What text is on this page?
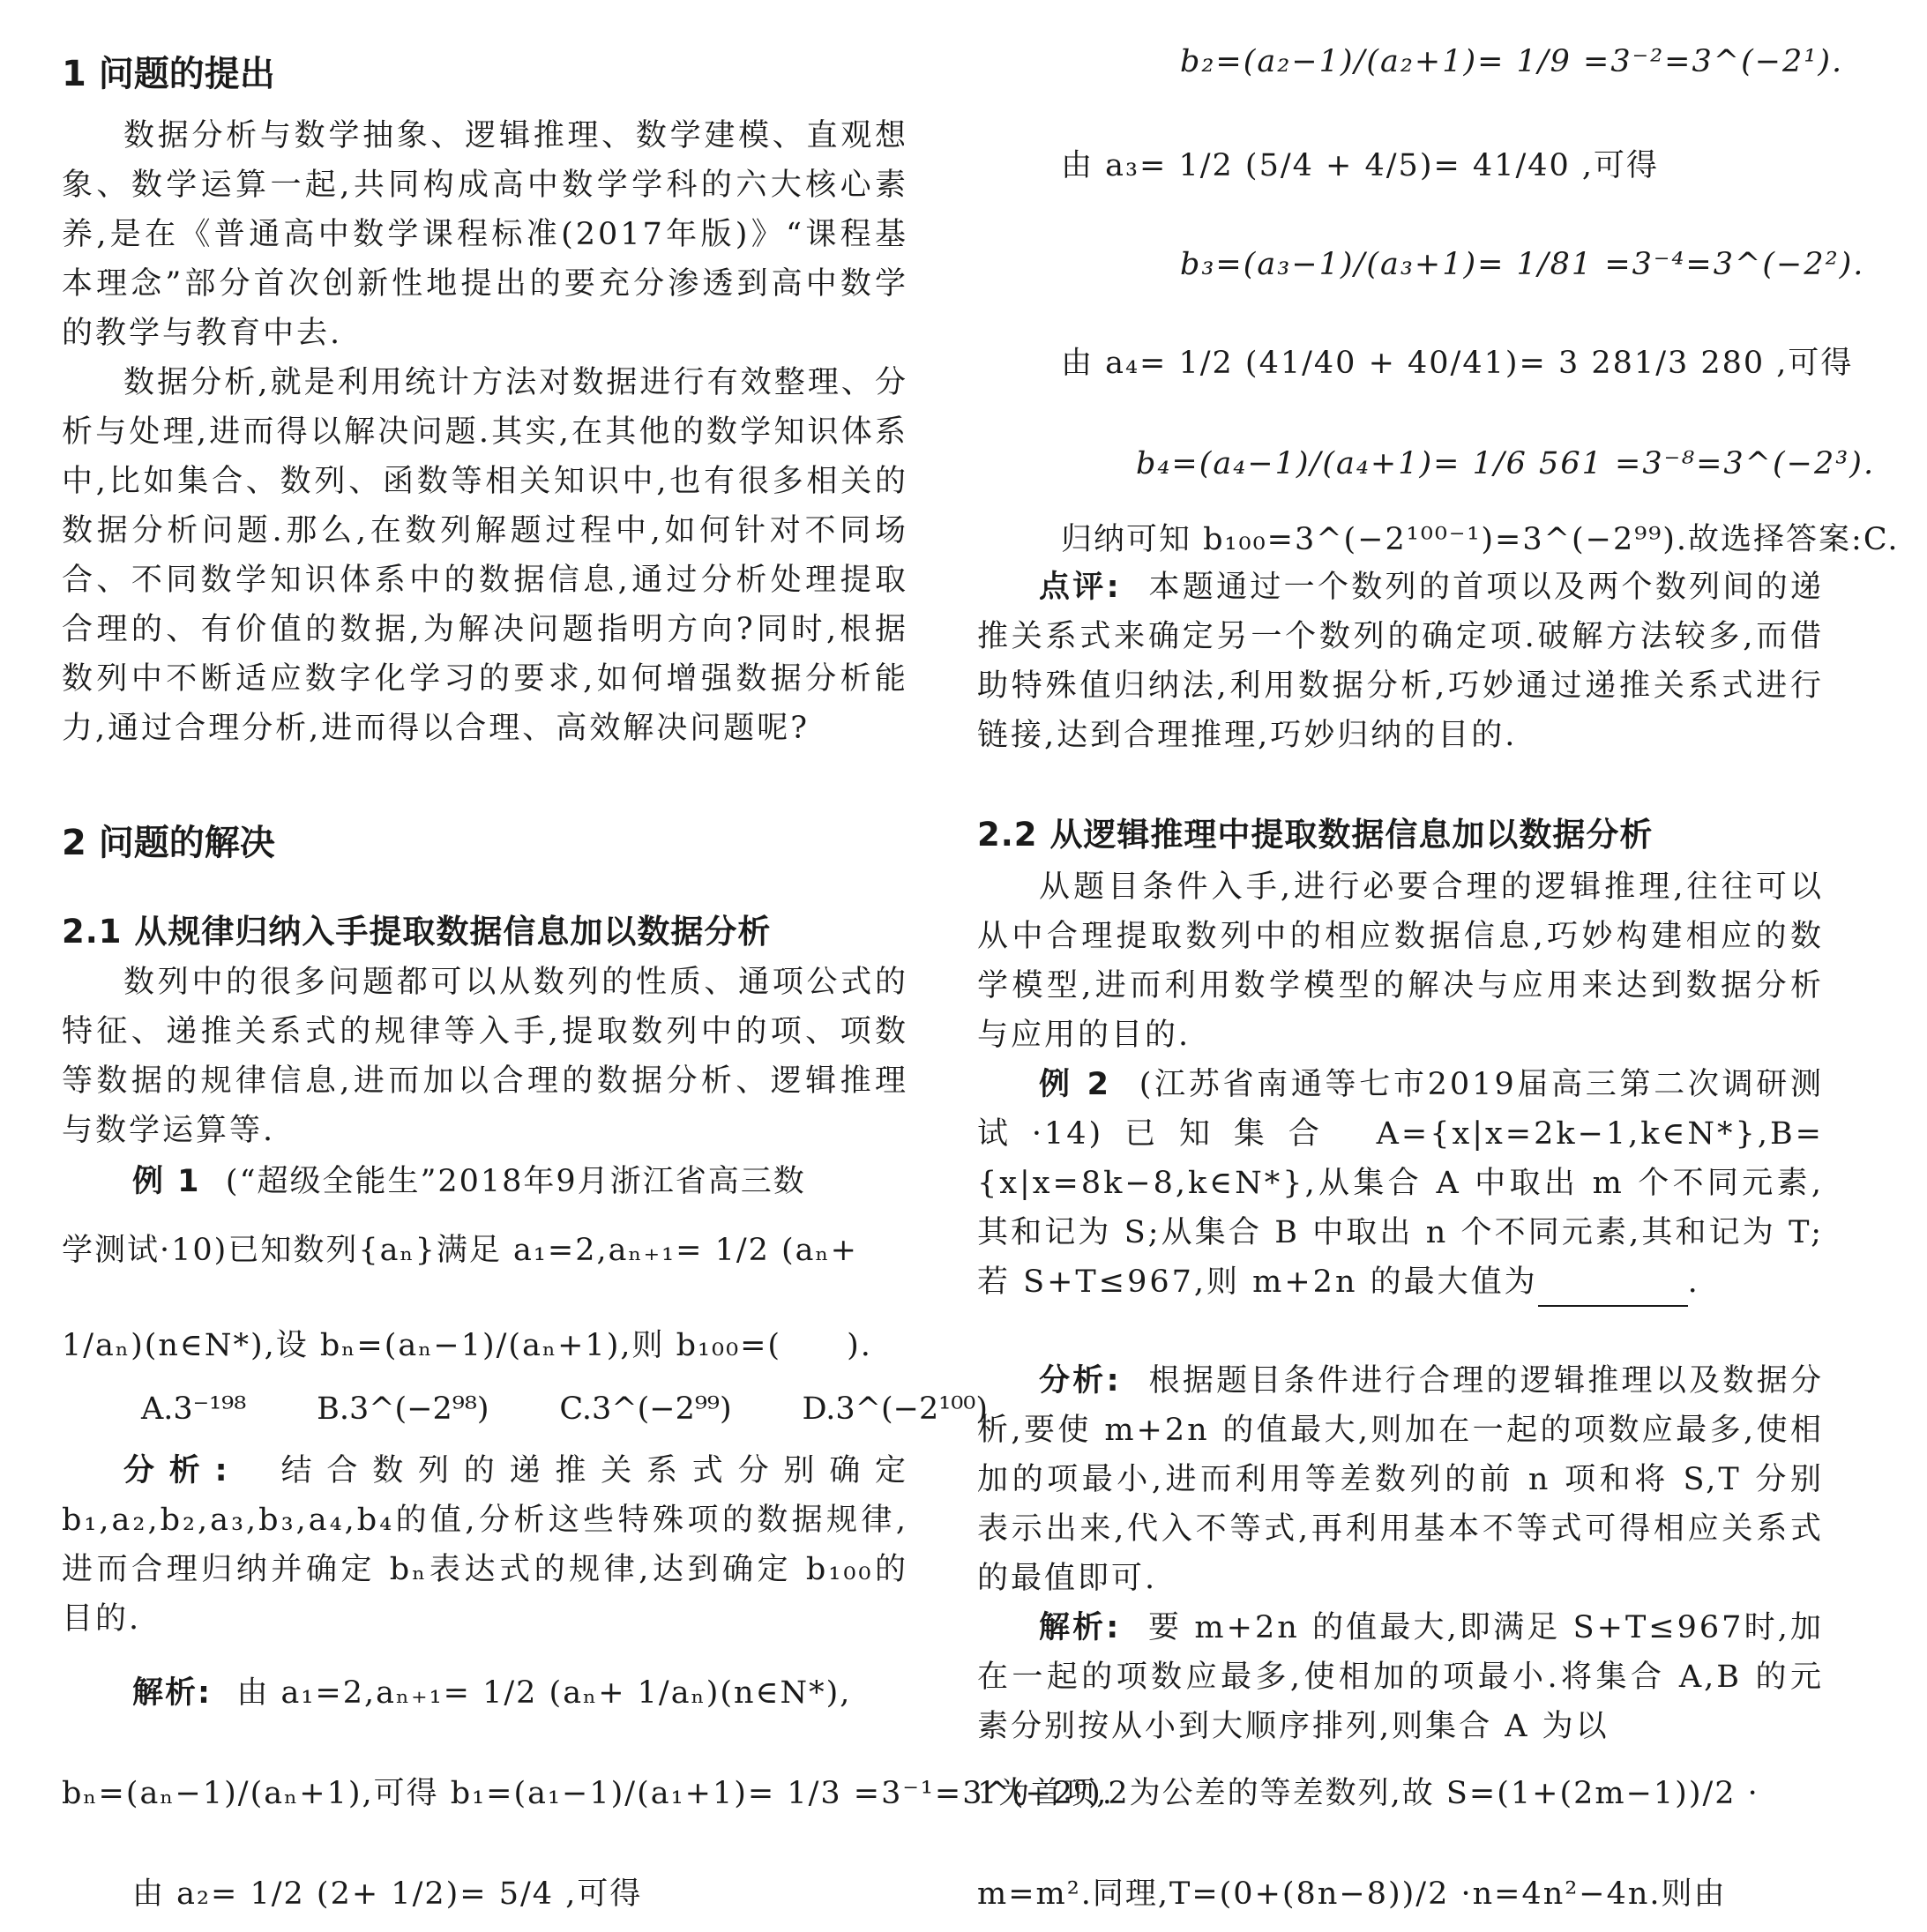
1 问题的提出
数据分析与数学抽象、逻辑推理、数学建模、直观想象、数学运算一起,共同构成高中数学学科的六大核心素养,是在《普通高中数学课程标准(2017年版)》“课程基本理念”部分首次创新性地提出的要充分渗透到高中数学的教学与教育中去.
数据分析,就是利用统计方法对数据进行有效整理、分析与处理,进而得以解决问题.其实,在其他的数学知识体系中,比如集合、数列、函数等相关知识中,也有很多相关的数据分析问题.那么,在数列解题过程中,如何针对不同场合、不同数学知识体系中的数据信息,通过分析处理提取合理的、有价值的数据,为解决问题指明方向?同时,根据数列中不断适应数字化学习的要求,如何增强数据分析能力,通过合理分析,进而得以合理、高效解决问题呢?
2 问题的解决
2.1 从规律归纳入手提取数据信息加以数据分析
数列中的很多问题都可以从数列的性质、通项公式的特征、递推关系式的规律等入手,提取数列中的项、项数等数据的规律信息,进而加以合理的数据分析、逻辑推理与数学运算等.
例 1 (“超级全能生”2018年9月浙江省高三数
学测试·10)已知数列{aₙ}满足 a₁=2,aₙ₊₁= 1/2 (aₙ+
1/aₙ)(n∈N*),设 bₙ=(aₙ−1)/(aₙ+1),则 b₁₀₀=(　　).
A.3⁻¹⁹⁸ B.3^(−2⁹⁸) C.3^(−2⁹⁹) D.3^(−2¹⁰⁰)
分析: 结合数列的递推关系式分别确定 b₁,a₂,b₂,a₃,b₃,a₄,b₄的值,分析这些特殊项的数据规律,进而合理归纳并确定 bₙ表达式的规律,达到确定 b₁₀₀的目的.
解析: 由 a₁=2,aₙ₊₁= 1/2 (aₙ+ 1/aₙ)(n∈N*),
bₙ=(aₙ−1)/(aₙ+1),可得 b₁=(a₁−1)/(a₁+1)= 1/3 =3⁻¹=3^(−2⁰).
由 a₂= 1/2 (2+ 1/2)= 5/4 ,可得
b₂=(a₂−1)/(a₂+1)= 1/9 =3⁻²=3^(−2¹).
由 a₃= 1/2 (5/4 + 4/5)= 41/40 ,可得
b₃=(a₃−1)/(a₃+1)= 1/81 =3⁻⁴=3^(−2²).
由 a₄= 1/2 (41/40 + 40/41)= 3 281/3 280 ,可得
b₄=(a₄−1)/(a₄+1)= 1/6 561 =3⁻⁸=3^(−2³).
归纳可知 b₁₀₀=3^(−2¹⁰⁰⁻¹)=3^(−2⁹⁹).故选择答案:C.
点评: 本题通过一个数列的首项以及两个数列间的递推关系式来确定另一个数列的确定项.破解方法较多,而借助特殊值归纳法,利用数据分析,巧妙通过递推关系式进行链接,达到合理推理,巧妙归纳的目的.
2.2 从逻辑推理中提取数据信息加以数据分析
从题目条件入手,进行必要合理的逻辑推理,往往可以从中合理提取数列中的相应数据信息,巧妙构建相应的数学模型,进而利用数学模型的解决与应用来达到数据分析与应用的目的.
例 2 (江苏省南通等七市2019届高三第二次调研测试·14)已知集合 A={x|x=2k−1,k∈N*},B={x|x=8k−8,k∈N*},从集合 A 中取出 m 个不同元素,其和记为 S;从集合 B 中取出 n 个不同元素,其和记为 T;若 S+T≤967,则 m+2n 的最大值为	.
分析: 根据题目条件进行合理的逻辑推理以及数据分析,要使 m+2n 的值最大,则加在一起的项数应最多,使相加的项最小,进而利用等差数列的前 n 项和将 S,T 分别表示出来,代入不等式,再利用基本不等式可得相应关系式的最值即可.
解析: 要 m+2n 的值最大,即满足 S+T≤967时,加在一起的项数应最多,使相加的项最小.将集合 A,B 的元素分别按从小到大顺序排列,则集合 A 为以
1为首项,2为公差的等差数列,故 S=(1+(2m−1))/2 ·
m=m².同理,T=(0+(8n−8))/2 ·n=4n²−4n.则由
